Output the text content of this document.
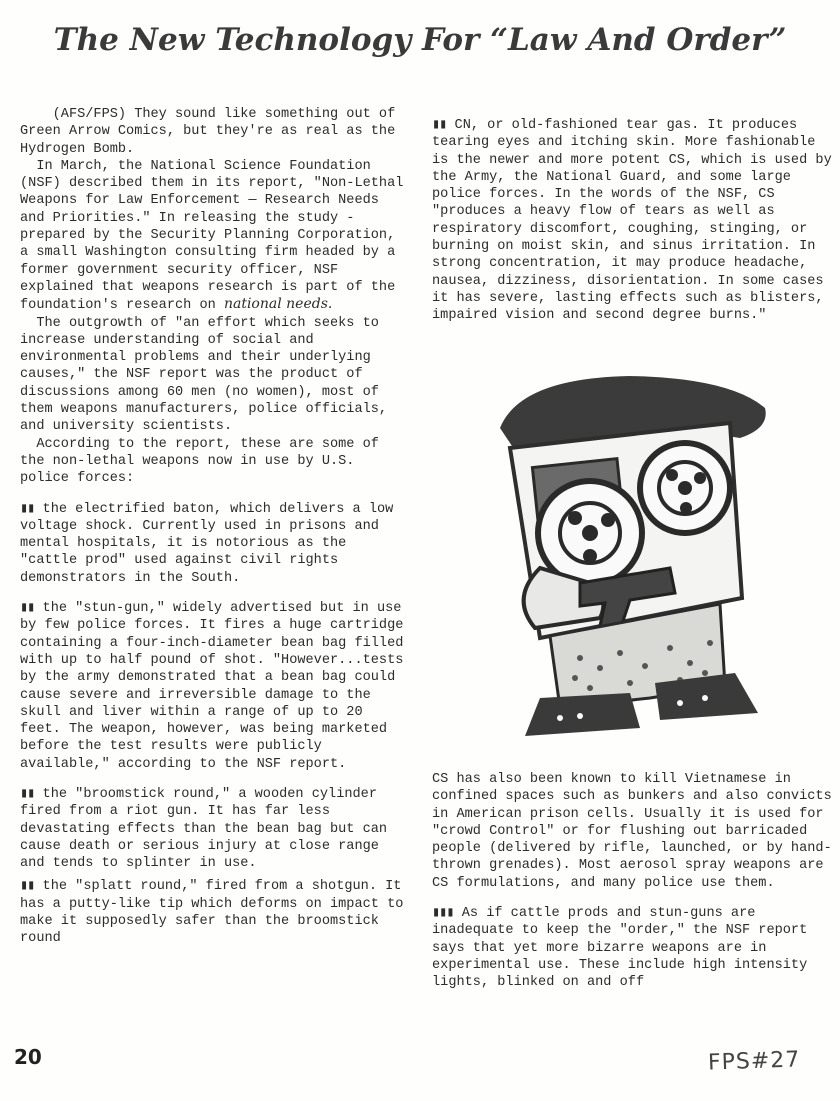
The New Technology For “Law And Order”

(AFS/FPS) They sound like something out of Green Arrow Comics, but they're as real as the Hydrogen Bomb.

In March, the National Science Foundation (NSF) described them in its report, "Non-Lethal Weapons for Law Enforcement — Research Needs and Priorities." In releasing the study - prepared by the Security Planning Corporation, a small Washington consulting firm headed by a former government security officer, NSF explained that weapons research is part of the foundation's research on national needs.

The outgrowth of "an effort which seeks to increase understanding of social and environmental problems and their underlying causes," the NSF report was the product of discussions among 60 men (no women), most of them weapons manufacturers, police officials, and university scientists.

According to the report, these are some of the non-lethal weapons now in use by U.S. police forces:

▮▮ the electrified baton, which delivers a low voltage shock. Currently used in prisons and mental hospitals, it is notorious as the "cattle prod" used against civil rights demonstrators in the South.

▮▮ the "stun-gun," widely advertised but in use by few police forces. It fires a huge cartridge containing a four-inch-diameter bean bag filled with up to half pound of shot. "However...tests by the army demonstrated that a bean bag could cause severe and irreversible damage to the skull and liver within a range of up to 20 feet. The weapon, however, was being marketed before the test results were publicly available," according to the NSF report.

▮▮ the "broomstick round," a wooden cylinder fired from a riot gun. It has far less devastating effects than the bean bag but can cause death or serious injury at close range and tends to splinter in use.

▮▮ the "splatt round," fired from a shotgun. It has a putty-like tip which deforms on impact to make it supposedly safer than the broomstick round

▮▮ CN, or old-fashioned tear gas. It produces tearing eyes and itching skin. More fashionable is the newer and more potent CS, which is used by the Army, the National Guard, and some large police forces. In the words of the NSF, CS "produces a heavy flow of tears as well as respiratory discomfort, coughing, stinging, or burning on moist skin, and sinus irritation. In strong concentration, it may produce headache, nausea, dizziness, disorientation. In some cases it has severe, lasting effects such as blisters, impaired vision and second degree burns."

CS has also been known to kill Vietnamese in confined spaces such as bunkers and also convicts in American prison cells. Usually it is used for "crowd Control" or for flushing out barricaded people (delivered by rifle, launched, or by hand-thrown grenades). Most aerosol spray weapons are CS formulations, and many police use them.

▮▮▮ As if cattle prods and stun-guns are inadequate to keep the "order," the NSF report says that yet more bizarre weapons are in experimental use. These include high intensity lights, blinked on and off

20	FPS#27
